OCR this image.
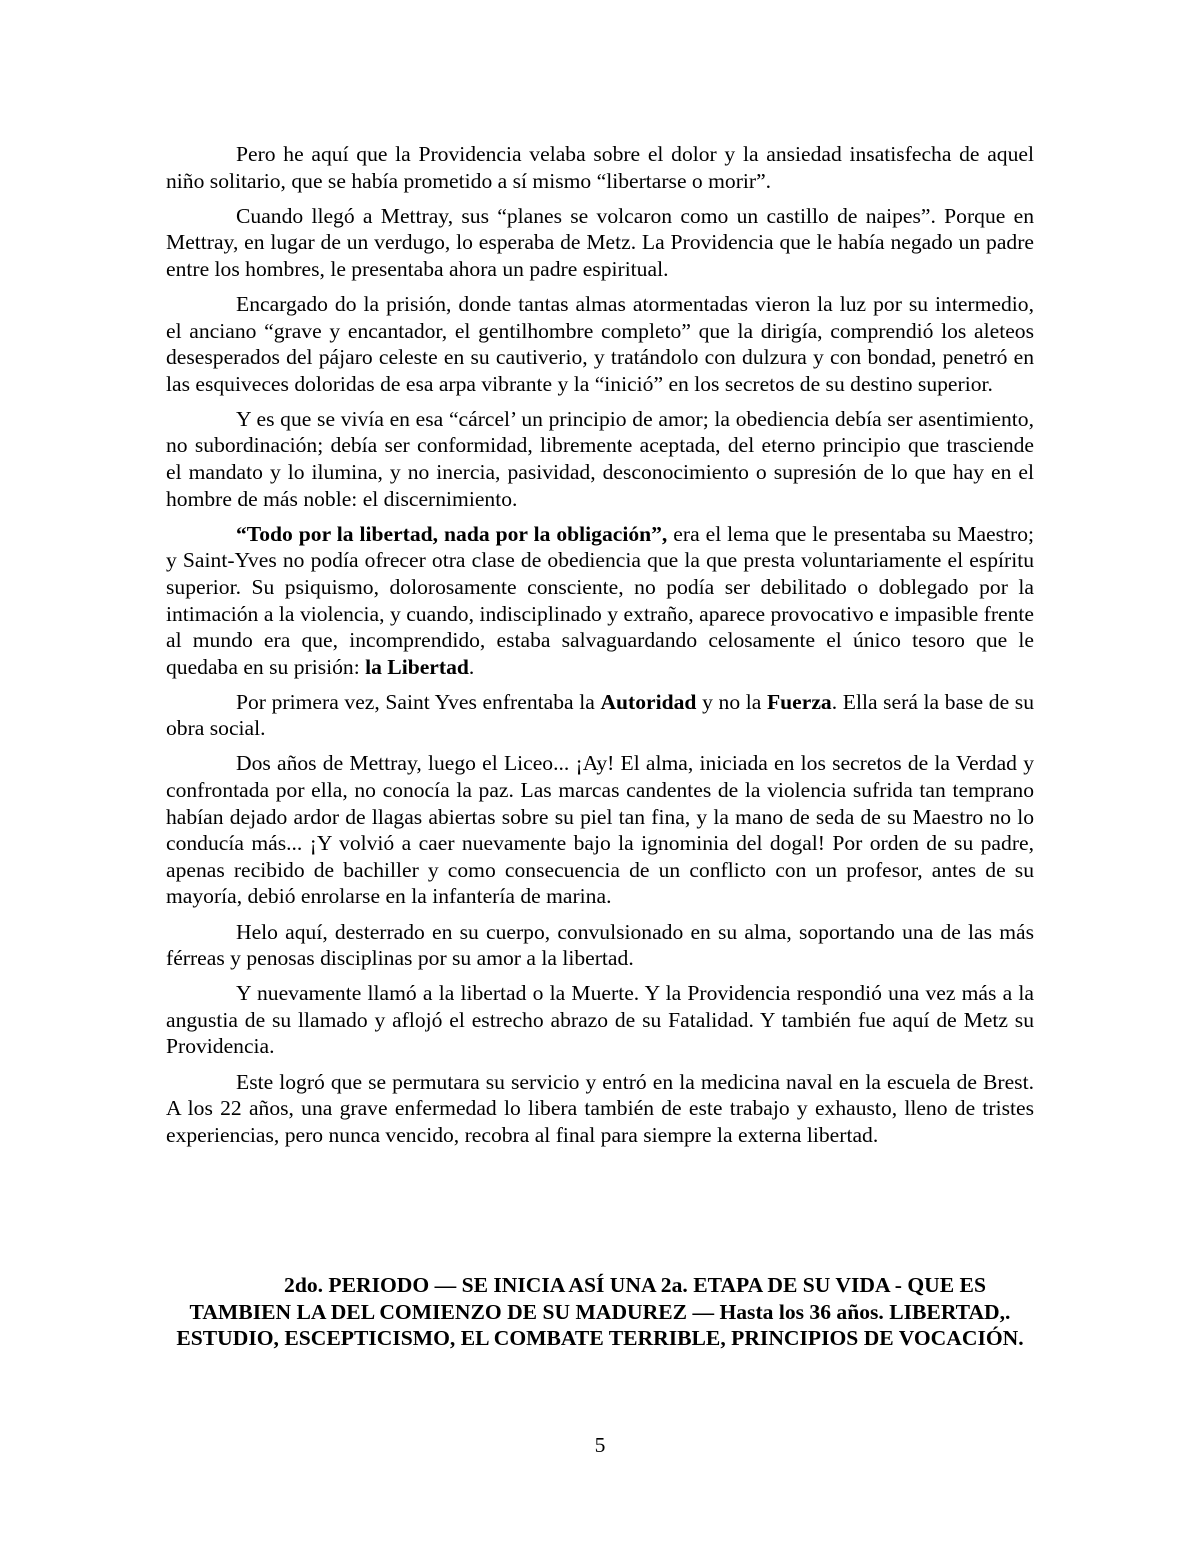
Pero he aquí que la Providencia velaba sobre el dolor y la ansiedad insatisfecha de aquel niño solitario, que se había prometido a sí mismo “libertarse o morir”.

Cuando llegó a Mettray, sus “planes se volcaron como un castillo de naipes”. Porque en Mettray, en lugar de un verdugo, lo esperaba de Metz. La Providencia que le había negado un padre entre los hombres, le presentaba ahora un padre espiritual.

Encargado do la prisión, donde tantas almas atormentadas vieron la luz por su intermedio, el anciano “grave y encantador, el gentilhombre completo” que la dirigía, comprendió los aleteos desesperados del pájaro celeste en su cautiverio, y tratándolo con dulzura y con bondad, penetró en las esquiveces doloridas de esa arpa vibrante y la “inició” en los secretos de su destino superior.

Y es que se vivía en esa “cárcel’ un principio de amor; la obediencia debía ser asentimiento, no subordinación; debía ser conformidad, libremente aceptada, del eterno principio que trasciende el mandato y lo ilumina, y no inercia, pasividad, desconocimiento o supresión de lo que hay en el hombre de más noble: el discernimiento.

“Todo por la libertad, nada por la obligación”, era el lema que le presentaba su Maestro; y Saint-Yves no podía ofrecer otra clase de obediencia que la que presta voluntariamente el espíritu superior. Su psiquismo, dolorosamente consciente, no podía ser debilitado o doblegado por la intimación a la violencia, y cuando, indisciplinado y extraño, aparece provocativo e impasible frente al mundo era que, incomprendido, estaba salvaguardando celosamente el único tesoro que le quedaba en su prisión: la Libertad.

Por primera vez, Saint Yves enfrentaba la Autoridad y no la Fuerza. Ella será la base de su obra social.

Dos años de Mettray, luego el Liceo... ¡Ay! El alma, iniciada en los secretos de la Verdad y confrontada por ella, no conocía la paz. Las marcas candentes de la violencia sufrida tan temprano habían dejado ardor de llagas abiertas sobre su piel tan fina, y la mano de seda de su Maestro no lo conducía más... ¡Y volvió a caer nuevamente bajo la ignominia del dogal! Por orden de su padre, apenas recibido de bachiller y como consecuencia de un conflicto con un profesor, antes de su mayoría, debió enrolarse en la infantería de marina.

Helo aquí, desterrado en su cuerpo, convulsionado en su alma, soportando una de las más férreas y penosas disciplinas por su amor a la libertad.

Y nuevamente llamó a la libertad o la Muerte. Y la Providencia respondió una vez más a la angustia de su llamado y aflojó el estrecho abrazo de su Fatalidad. Y también fue aquí de Metz su Providencia.

Este logró que se permutara su servicio y entró en la medicina naval en la escuela de Brest. A los 22 años, una grave enfermedad lo libera también de este trabajo y exhausto, lleno de tristes experiencias, pero nunca vencido, recobra al final para siempre la externa libertad.

2do. PERIODO — SE INICIA ASÍ UNA 2a. ETAPA DE SU VIDA - QUE ES TAMBIEN LA DEL COMIENZO DE SU MADUREZ — Hasta los 36 años. LIBERTAD,. ESTUDIO, ESCEPTICISMO, EL COMBATE TERRIBLE, PRINCIPIOS DE VOCACIÓN.
5
